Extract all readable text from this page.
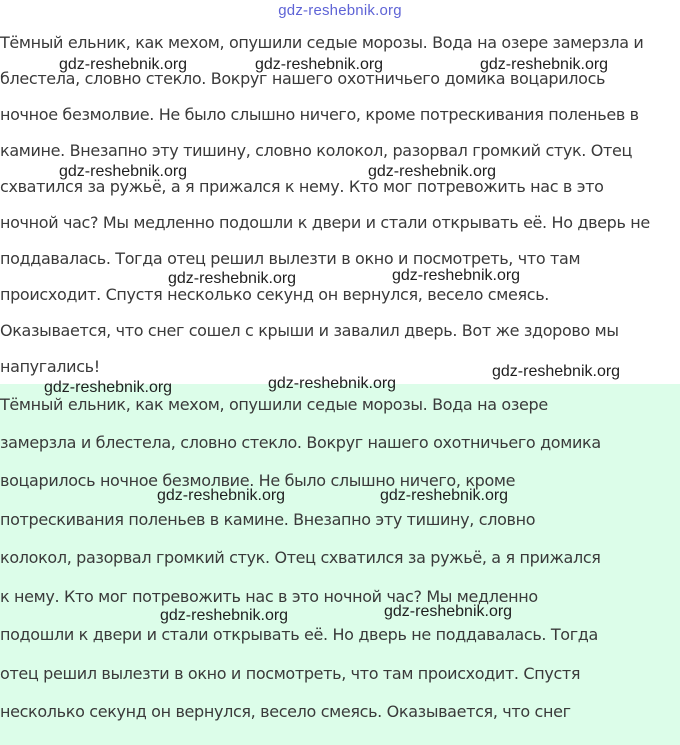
gdz-reshebnik.org
Тёмный ельник, как мехом, опушили седые морозы. Вода на озере замерзла и
блестела, словно стекло. Вокруг нашего охотничьего домика воцарилось
ночное безмолвие. Не было слышно ничего, кроме потрескивания поленьев в
камине. Внезапно эту тишину, словно колокол, разорвал громкий стук. Отец
схватился за ружьё, а я прижался к нему. Кто мог потревожить нас в это
ночной час? Мы медленно подошли к двери и стали открывать её. Но дверь не
поддавалась. Тогда отец решил вылезти в окно и посмотреть, что там
происходит. Спустя несколько секунд он вернулся, весело смеясь.
Оказывается, что снег сошел с крыши и завалил дверь. Вот же здорово мы
напугались!
Тёмный ельник, как мехом, опушили седые морозы. Вода на озере
замерзла и блестела, словно стекло. Вокруг нашего охотничьего домика
воцарилось ночное безмолвие. Не было слышно ничего, кроме
потрескивания поленьев в камине. Внезапно эту тишину, словно
колокол, разорвал громкий стук. Отец схватился за ружьё, а я прижался
к нему. Кто мог потревожить нас в это ночной час? Мы медленно
подошли к двери и стали открывать её. Но дверь не поддавалась. Тогда
отец решил вылезти в окно и посмотреть, что там происходит. Спустя
несколько секунд он вернулся, весело смеясь. Оказывается, что снег
gdz-reshebnik.org	gdz-reshebnik.org	gdz-reshebnik.org
gdz-reshebnik.org	gdz-reshebnik.org
gdz-reshebnik.org	gdz-reshebnik.org
gdz-reshebnik.org	gdz-reshebnik.org
gdz-reshebnik.org
gdz-reshebnik.org	gdz-reshebnik.org
gdz-reshebnik.org	gdz-reshebnik.org
